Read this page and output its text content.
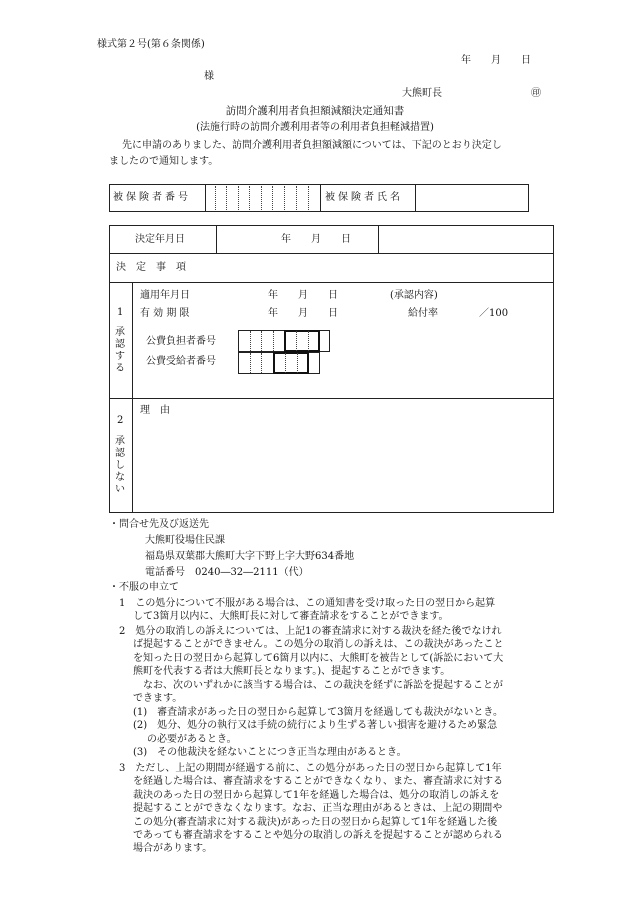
様式第２号(第６条関係)
年　　月　　日
様
大熊町長	㊞
訪問介護利用者負担額減額決定通知書
(法施行時の訪問介護利用者等の利用者負担軽減措置)
先に申請のありました、訪問介護利用者負担額減額については、下記のとおり決定し
ましたので通知します。
被保険者番号	被保険者氏名
決定年月日	年　　月　　日
決　定　事　項
1
承認する
適用年月日	年　　月　　日	(承認内容)
有 効 期 限	年　　月　　日	給付率	／100
公費負担者番号
公費受給者番号
2
承認しない
理　由
・問合せ先及び返送先
大熊町役場住民課
福島県双葉郡大熊町大字下野上字大野634番地
電話番号　0240―32―2111（代）
・不服の申立て
1　この処分について不服がある場合は、この通知書を受け取った日の翌日から起算
して3箇月以内に、大熊町長に対して審査請求をすることができます。
2　処分の取消しの訴えについては、上記1の審査請求に対する裁決を経た後でなけれ
ば提起することができません。この処分の取消しの訴えは、この裁決があったこと
を知った日の翌日から起算して6箇月以内に、大熊町を被告として(訴訟において大
熊町を代表する者は大熊町長となります。)、提起することができます。
なお、次のいずれかに該当する場合は、この裁決を経ずに訴訟を提起することが
できます。
(1)　審査請求があった日の翌日から起算して3箇月を経過しても裁決がないとき。
(2)　処分、処分の執行又は手続の続行により生ずる著しい損害を避けるため緊急
の必要があるとき。
(3)　その他裁決を経ないことにつき正当な理由があるとき。
3　ただし、上記の期間が経過する前に、この処分があった日の翌日から起算して1年
を経過した場合は、審査請求をすることができなくなり、また、審査請求に対する
裁決のあった日の翌日から起算して1年を経過した場合は、処分の取消しの訴えを
提起することができなくなります。なお、正当な理由があるときは、上記の期間や
この処分(審査請求に対する裁決)があった日の翌日から起算して1年を経過した後
であっても審査請求をすることや処分の取消しの訴えを提起することが認められる
場合があります。
